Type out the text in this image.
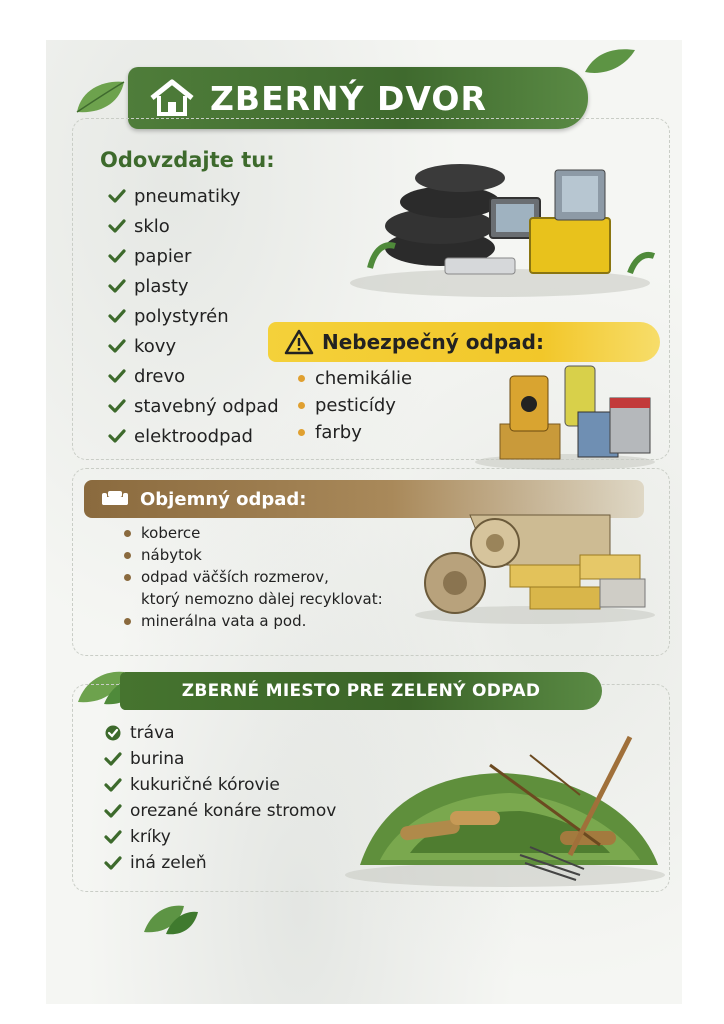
ZBERNÝ DVOR
Odovzdajte tu:
pneumatiky
sklo
papier
plasty
polystyrén
kovy
drevo
stavebný odpad
elektroodpad
Nebezpečný odpad:
chemikálie
pesticídy
farby
Objemný odpad:
koberce
nábytok
odpad väčších rozmerov,
ktorý nemozno dàlej recyklovat:
minerálna vata a pod.
ZBERNÉ MIESTO PRE ZELENÝ ODPAD
tráva
burina
kukuričné kórovie
orezané konáre stromov
kríky
iná zeleň
